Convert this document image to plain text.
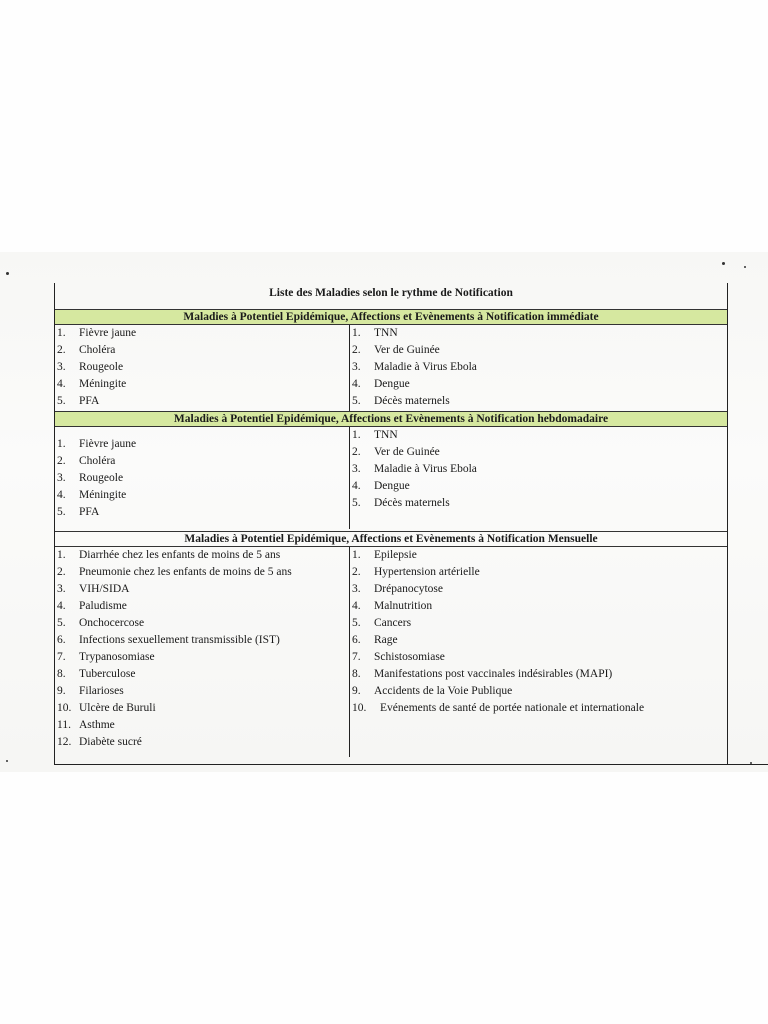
Liste des Maladies selon le rythme de Notification
Maladies à Potentiel Epidémique, Affections et Evènements à Notification immédiate
1.	Fièvre jaune
2.	Choléra
3.	Rougeole
4.	Méningite
5.	PFA
1.	TNN
2.	Ver de Guinée
3.	Maladie à Virus Ebola
4.	Dengue
5.	Décès maternels
Maladies à Potentiel Epidémique, Affections et Evènements à Notification hebdomadaire
1.	Fièvre jaune
2.	Choléra
3.	Rougeole
4.	Méningite
5.	PFA
1.	TNN
2.	Ver de Guinée
3.	Maladie à Virus Ebola
4.	Dengue
5.	Décès maternels
Maladies à Potentiel Epidémique, Affections et Evènements à Notification Mensuelle
1.	Diarrhée chez les enfants de moins de 5 ans
2.	Pneumonie chez les enfants de moins de 5 ans
3.	VIH/SIDA
4.	Paludisme
5.	Onchocercose
6.	Infections sexuellement transmissible (IST)
7.	Trypanosomiase
8.	Tuberculose
9.	Filarioses
10. Ulcère de Buruli
11. Asthme
12. Diabète sucré
1.	Epilepsie
2.	Hypertension artérielle
3.	Drépanocytose
4.	Malnutrition
5.	Cancers
6.	Rage
7.	Schistosomiase
8.	Manifestations post vaccinales indésirables (MAPI)
9.	Accidents de la Voie Publique
10.	Evénements de santé de portée nationale et internationale
